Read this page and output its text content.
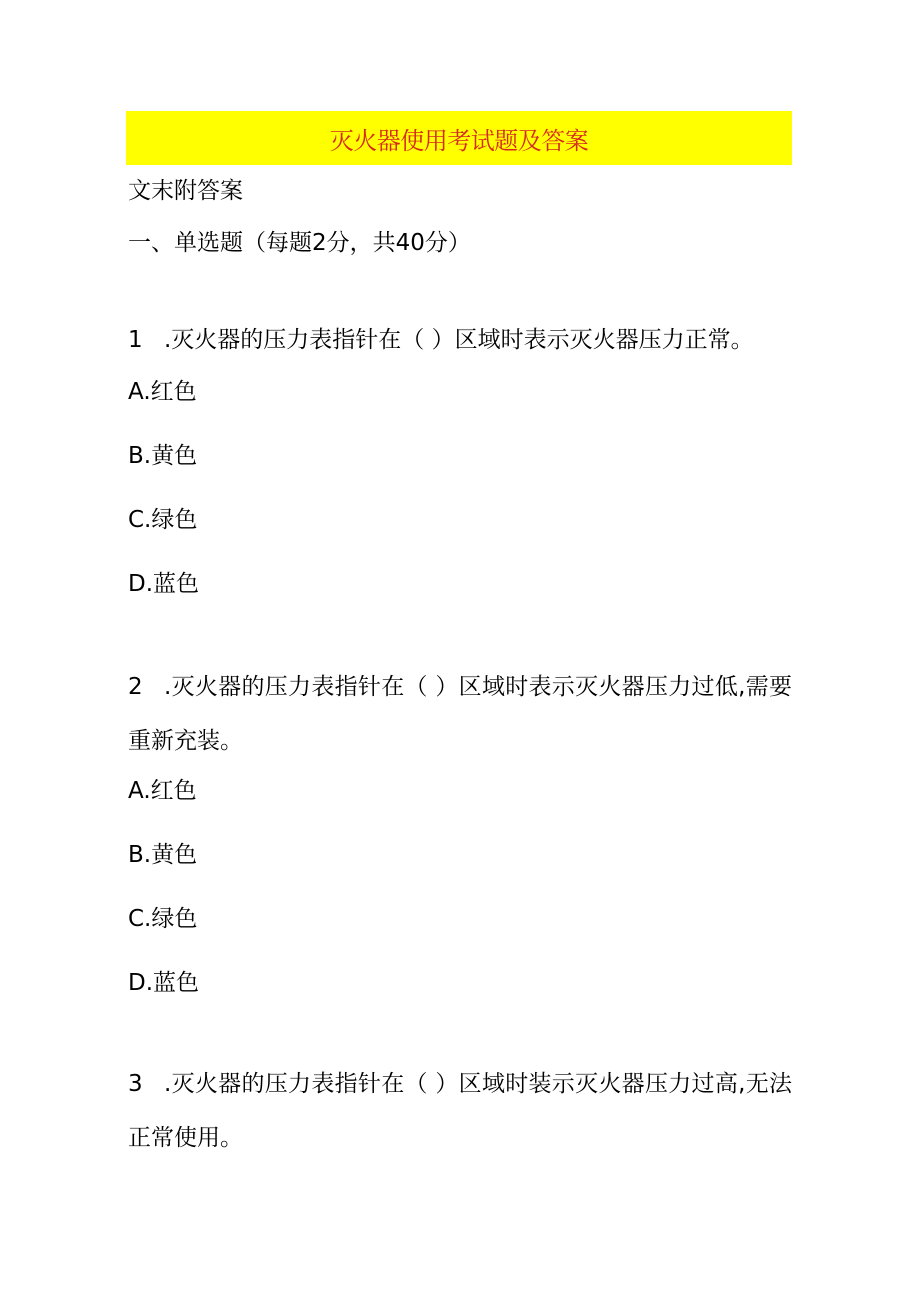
灭火器使用考试题及答案
文末附答案
一、单选题（每题2分，共40分）
1 .灭火器的压力表指针在（ ）区域时表示灭火器压力正常。
A.红色
B.黄色
C.绿色
D.蓝色
2 .灭火器的压力表指针在（ ）区域时表示灭火器压力过低,需要重新充装。
A.红色
B.黄色
C.绿色
D.蓝色
3 .灭火器的压力表指针在（ ）区域时装示灭火器压力过高,无法正常使用。
